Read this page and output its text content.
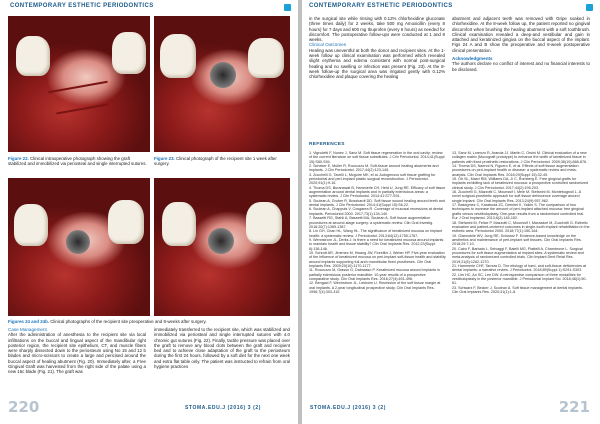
CONTEMPORARY ESTHETIC PERIODONTICS
Figure 22. Clinical intraoperative photograph showing the graft stabilized and immobilized via periosteal and single interrupted sutures.
Figure 23. Clinical photograph of the recipient site 1 week after surgery.
Figures 24 and 24b. Clinical photographs of the recipient site preoperative and 8-weeks after surgery.
Case Management

After the administration of anesthesia to the recipient site via local infiltrations on the buccal and lingual aspect of the mandibular right posterior region, the recipient site epithelium, CT, and muscle fibers were sharply dissected down to the periosteum using No 15 and 12 b blades and micro-scissors to create a large and pericised around the buccal aspect of healing abutment (Fig. 20). Immediately after, a Free Gingival Graft was harvested from the right side of the palate using a new 15c blade (Fig. 21). The graft was

immediately transferred to the recipient site, which was stabilized and immobilized via periosteal and single interrupted sutures with 4.0 chromic gut sutures (Fig. 22). Finally, tactile pressure was placed over the graft to remove any blood clots between the graft and recipient bed and to achieve close adaptation of the graft to the periosteum during the first 24 hours, followed by a soft diet for the next one week and extra flat table only. The patient was instructed to refrain from oral hygiene practices

220	STOMA.EDU.J (2016) 3 (2)
CONTEMPORARY ESTHETIC PERIODONTICS

in the surgical site while rinsing with 0.12% chlorhexidine gluconate (three times daily) for 2 weeks, take 500 mg Amoxicillin (every 8 hours) for 7 days and 600 mg Ibuprofen (every 6 hours) as needed for discomfort. The postoperative follow-ups were conducted at 1 and 8 weeks.

Clinical Outcomes

Healing was uneventful at both the donor and recipient sites. At the 1-week follow up clinical examination was performed which revealed slight erythema and edema consistent with normal post-surgical healing and no swelling or infection was present (Fig. 23). At the 8-week follow-up the surgical area was irrigated gently with 0.12% chlorhexidine and plaque covering the healing

abutment and adjacent teeth was removed with Gripe soaked in chlorhexidine. At the 8-week follow up, the patient reported no gingival discomfort when brushing the healing abutment with a soft toothbrush. Clinical examination revealed a deep-and vestibular and gain in attached and keratinized gingiva on the buccal aspect of the implant. Figs 24 A and B show the preoperative and 8-week postoperative clinical presentation.

Acknowledgments

The authors declare no conflict of interest and no financial interests to be disclosed.

REFERENCES

1. Vignoletti F, Nunez J, Sanz M. Soft tissue regeneration in the oral cavity: review of the current literature on soft tissue substitutes. J Clin Periodontol. 2014;41(Suppl 15):S80-S94.

2. Scheker E, Muller R, Roccuzzo M. Soft-tissue around healing abutments and implants. J Clin Periodontol. 2017;44(2):123-145.

3. Zucchelli G, Tavelli L, Mcguire MK, et al. Autogenous soft tissue grafting for periodontal and peri-implant plastic surgical reconstruction. J Periodontol. 2020;91(1):9-16.

4. Thoma DS, Buranawat B, Hammerle CH, Held U, Jung RE. Efficacy of soft tissue augmentation around dental implants and in partially edentulous areas: a systematic review. J Clin Periodontol. 2014;41:S77-S91.

5. Sculean A, Gruber R, Bosshardt DD. Soft tissue wound healing around teeth and dental implants. J Clin Periodontol. 2014;41(Suppl 15):S6-22.

6. Sculean A, Chappuis V, Cosgarea R. Coverage of mucosal recessions at dental implants. Periodontol 2000. 2017;73(1):134-140.

7. Bassetti RG, Stahli A, Bassetti MA, Sculean A. Soft tissue augmentation procedures at second-stage surgery: a systematic review. Clin Oral Investig. 2016;20(7):1369-1387.

8. Lin GH, Chan HL, Wang HL. The significance of keratinized mucosa on implant health: a systematic review. J Periodontol. 2013;84(12):1755-1767.

9. Wennstrom JL, Derks J. Is there a need for keratinized mucosa around implants to maintain health and tissue stability? Clin Oral Implants Res. 2012;23(Suppl 6):136-146.

10. Schrott AR, Jimenez M, Hwang JW, Fiorellini J, Weber HP. Five-year evaluation of the influence of keratinized mucosa on peri-implant soft-tissue health and stability around implants supporting full-arch mandibular fixed prostheses. Clin Oral Implants Res. 2009;20(10):1170-1177.

11. Roccuzzo M, Grasso G, Dalmasso P. Keratinized mucosa around implants in partially edentulous posterior mandible: 10-year results of a prospective comparative study. Clin Oral Implants Res. 2016;27(4):491-496.

12. Bengazi F, Wennstrom JL, Lekholm U. Recession of the soft tissue margin at oral implants. A 2-year longitudinal prospective study. Clin Oral Implants Res. 1996;7(4):303-310.

13. Sanz M, Lorenzo R, Aranda JJ, Martin C, Orsini M. Clinical evaluation of a new collagen matrix (Mucograft prototype) to enhance the width of keratinized tissue in patients with fixed prosthetic restorations. J Clin Periodontol. 2009;36(10):868-876.

14. Thoma DS, Naenni N, Figuero E, et al. Effects of soft tissue augmentation procedures on peri-implant health or disease: a systematic review and meta-analysis. Clin Oral Implants Res. 2018;29(Suppl 15):32-49.

15. Oh SL, Masri RM, Williams DA, Ji C, Romberg E. Free gingival grafts for implants exhibiting lack of keratinized mucosa: a prospective controlled randomized clinical study. J Clin Periodontol. 2017;44(2):195-203.

16. Zucchelli G, Mazzotti C, Mounssif I, Mele M, Stefanini M, Montebugnoli L. A novel surgical-prosthetic approach for soft tissue dehiscence coverage around single implant. Clin Oral Implants Res. 2013;24(9):957-962.

17. Basegmez C, Karabuda ZC, Demirel K, Yalcin S. The comparison of two techniques to increase the amount of peri-implant attached mucosa: free gingival grafts versus vestibuloplasty. One-year results from a randomised controlled trial. Eur J Oral Implantol. 2013;6(2):145-152.

18. Stefanini M, Felice P, Mazzotti C, Mounssif I, Marzadori M, Zucchelli G. Esthetic evaluation and patient-centered outcomes in single-tooth implant rehabilitation in the esthetic area. Periodontol 2000. 2018;77(1):150-164.

19. Giannobile WV, Jung RE, Schwarz F. Evidence-based knowledge on the aesthetics and maintenance of peri-implant soft tissues. Clin Oral Implants Res. 2018;29:7-10.

20. Cairo F, Barbato L, Selvaggi F, Baielli MG, Piattelli A, Chambrone L. Surgical procedures for soft tissue augmentation at implant sites. A systematic review and meta-analysis of randomized controlled trials. Clin Implant Dent Relat Res. 2019;21(6):1262-1270.

21. Hammerle CHF, Tarnow D. The etiology of hard- and soft-tissue deficiencies at dental implants: a narrative review. J Periodontol. 2018;89(Suppl 1):S291-S303.

22. Lim HC, An SC, Lee DW. A retrospective comparison of three modalities for vestibuloplasty in the posterior mandible. J Periodontal Implant Sci. 2018;48(1):50-61.

23. Schwarz F, Becker J, Sculean A. Soft tissue management at dental implants. Clin Oral Implants Res. 2020;31(1):1-8.

STOMA.EDU.J (2016) 3 (2)	221
